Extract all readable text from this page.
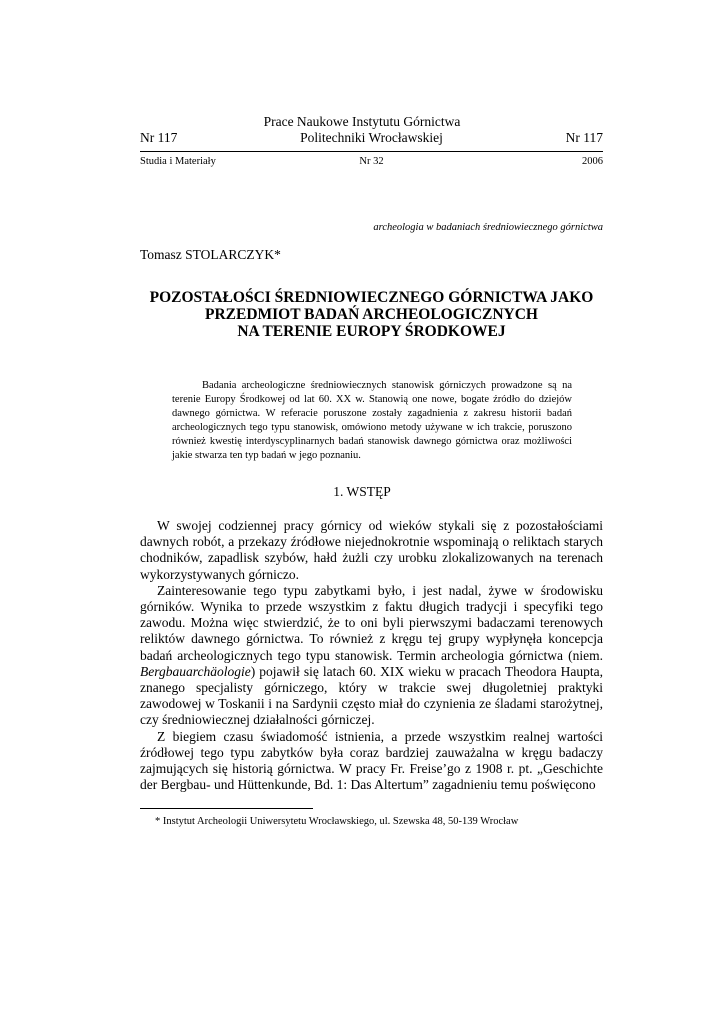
Prace Naukowe Instytutu Górnictwa
Nr 117	Politechniki Wrocławskiej	Nr 117
Studia i Materiały	Nr 32	2006
archeologia w badaniach średniowiecznego górnictwa
Tomasz STOLARCZYK*
POZOSTAŁOŚCI ŚREDNIOWIECZNEGO GÓRNICTWA JAKO
PRZEDMIOT BADAŃ ARCHEOLOGICZNYCH
NA TERENIE EUROPY ŚRODKOWEJ
Badania archeologiczne średniowiecznych stanowisk górniczych prowadzone są na terenie Europy Środkowej od lat 60. XX w. Stanowią one nowe, bogate źródło do dziejów dawnego górnictwa. W referacie poruszone zostały zagadnienia z zakresu historii badań archeologicznych tego typu stanowisk, omówiono metody używane w ich trakcie, poruszono również kwestię interdyscyplinarnych badań stanowisk dawnego górnictwa oraz możliwości jakie stwarza ten typ badań w jego poznaniu.
1. WSTĘP

W swojej codziennej pracy górnicy od wieków stykali się z pozostałościami dawnych robót, a przekazy źródłowe niejednokrotnie wspominają o reliktach starych chodników, zapadlisk szybów, hałd żużli czy urobku zlokalizowanych na terenach wykorzystywanych górniczo.

Zainteresowanie tego typu zabytkami było, i jest nadal, żywe w środowisku górników. Wynika to przede wszystkim z faktu długich tradycji i specyfiki tego zawodu. Można więc stwierdzić, że to oni byli pierwszymi badaczami terenowych reliktów dawnego górnictwa. To również z kręgu tej grupy wypłynęła koncepcja badań archeologicznych tego typu stanowisk. Termin archeologia górnictwa (niem. Bergbauarchäologie) pojawił się latach 60. XIX wieku w pracach Theodora Haupta, znanego specjalisty górniczego, który w trakcie swej długoletniej praktyki zawodowej w Toskanii i na Sardynii często miał do czynienia ze śladami starożytnej, czy średniowiecznej działalności górniczej.

Z biegiem czasu świadomość istnienia, a przede wszystkim realnej wartości źródłowej tego typu zabytków była coraz bardziej zauważalna w kręgu badaczy zajmujących się historią górnictwa. W pracy Fr. Freise’go z 1908 r. pt. „Geschichte der Bergbau- und Hüttenkunde, Bd. 1: Das Altertum” zagadnieniu temu poświęcono

* Instytut Archeologii Uniwersytetu Wrocławskiego, ul. Szewska 48, 50-139 Wrocław
